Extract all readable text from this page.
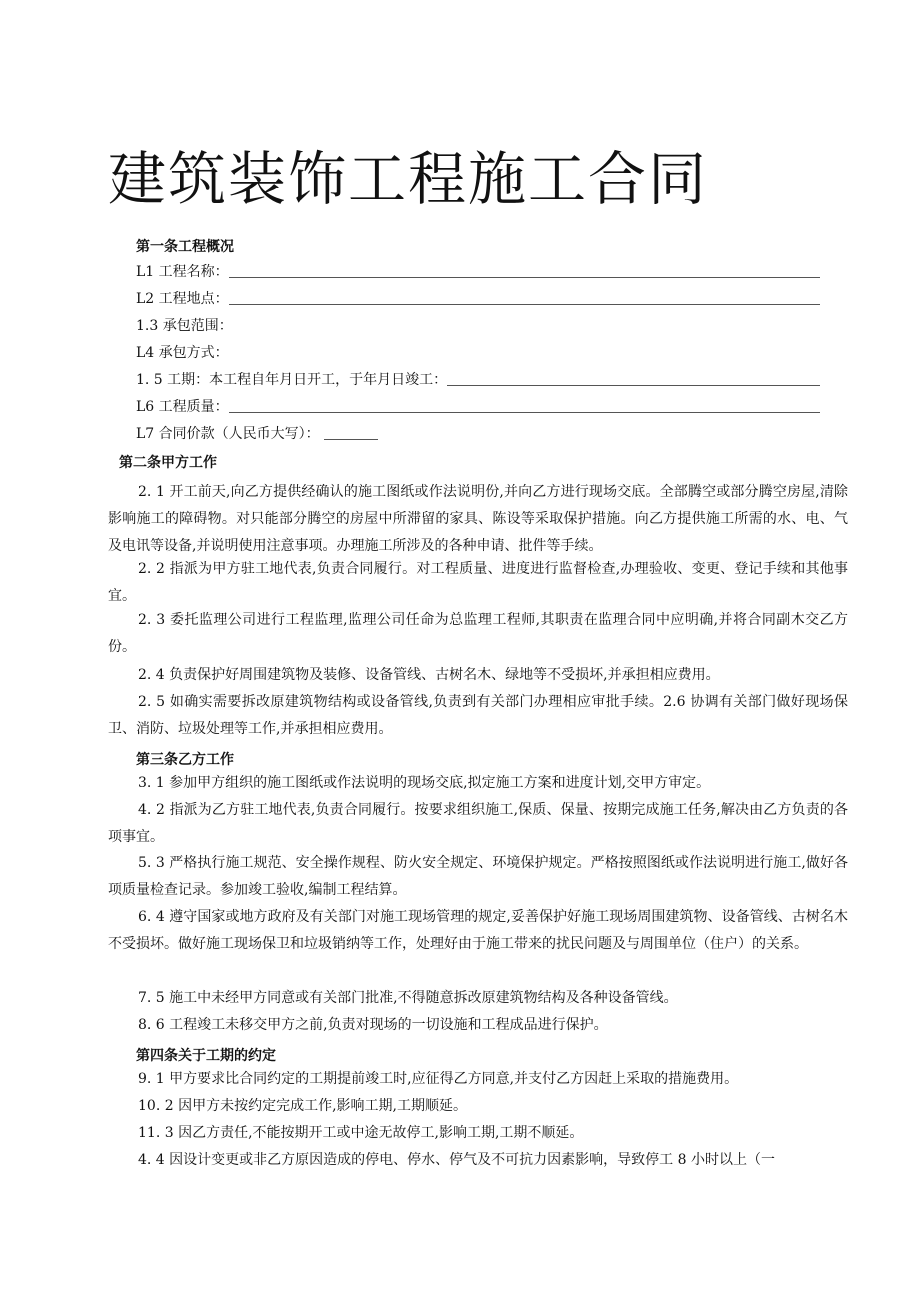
建筑装饰工程施工合同
第一条工程概况
L1 工程名称：
L2 工程地点：
1.3 承包范围：
L4 承包方式：
1. 5 工期：本工程自年月日开工，于年月日竣工：
L6 工程质量：
L7 合同价款（人民币大写）：
第二条甲方工作
2. 1 开工前天,向乙方提供经确认的施工图纸或作法说明份,并向乙方进行现场交底。全部腾空或部分腾空房屋,清除影响施工的障碍物。对只能部分腾空的房屋中所滞留的家具、陈设等采取保护措施。向乙方提供施工所需的水、电、气及电讯等设备,并说明使用注意事项。办理施工所涉及的各种申请、批件等手续。
2. 2 指派为甲方驻工地代表,负责合同履行。对工程质量、进度进行监督检查,办理验收、变更、登记手续和其他事宜。
2. 3 委托监理公司进行工程监理,监理公司任命为总监理工程师,其职责在监理合同中应明确,并将合同副木交乙方份。
2. 4 负责保护好周围建筑物及装修、设备管线、古树名木、绿地等不受损坏,并承担相应费用。
2. 5 如确实需要拆改原建筑物结构或设备管线,负责到有关部门办理相应审批手续。2.6 协调有关部门做好现场保卫、消防、垃圾处理等工作,并承担相应费用。
第三条乙方工作
3. 1 参加甲方组织的施工图纸或作法说明的现场交底,拟定施工方案和进度计划,交甲方审定。
4. 2 指派为乙方驻工地代表,负责合同履行。按要求组织施工,保质、保量、按期完成施工任务,解决由乙方负责的各项事宜。
5. 3 严格执行施工规范、安全操作规程、防火安全规定、环境保护规定。严格按照图纸或作法说明进行施工,做好各项质量检查记录。参加竣工验收,编制工程结算。
6. 4 遵守国家或地方政府及有关部门对施工现场管理的规定,妥善保护好施工现场周围建筑物、设备管线、古树名木不受损坏。做好施工现场保卫和垃圾销纳等工作，处理好由于施工带来的扰民问题及与周围单位（住户）的关系。
7. 5 施工中未经甲方同意或有关部门批准,不得随意拆改原建筑物结构及各种设备管线。
8. 6 工程竣工未移交甲方之前,负责对现场的一切设施和工程成品进行保护。
第四条关于工期的约定
9. 1 甲方要求比合同约定的工期提前竣工时,应征得乙方同意,并支付乙方因赶上采取的措施费用。
10. 2 因甲方未按约定完成工作,影响工期,工期顺延。
11. 3 因乙方责任,不能按期开工或中途无故停工,影响工期,工期不顺延。
4. 4 因设计变更或非乙方原因造成的停电、停水、停气及不可抗力因素影响，导致停工 8 小时以上（一
